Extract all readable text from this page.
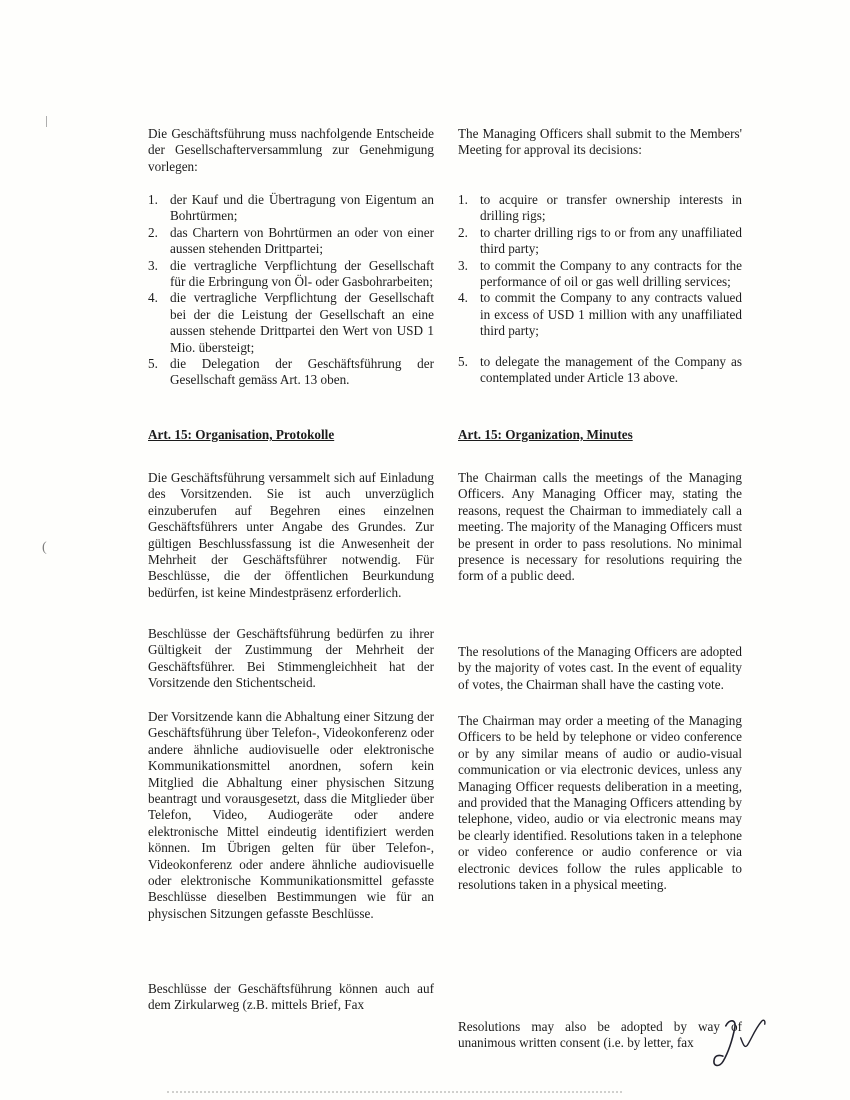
Die Geschäftsführung muss nachfolgende Entscheide der Gesellschafterversammlung zur Genehmigung vorlegen:

1. der Kauf und die Übertragung von Eigentum an Bohrtürmen;
2. das Chartern von Bohrtürmen an oder von einer aussen stehenden Drittpartei;
3. die vertragliche Verpflichtung der Gesellschaft für die Erbringung von Öl- oder Gasbohrarbeiten;
4. die vertragliche Verpflichtung der Gesellschaft bei der die Leistung der Gesellschaft an eine aussen stehende Drittpartei den Wert von USD 1 Mio. übersteigt;
5. die Delegation der Geschäftsführung der Gesellschaft gemäss Art. 13 oben.
Art. 15: Organisation, Protokolle

Die Geschäftsführung versammelt sich auf Einladung des Vorsitzenden. Sie ist auch unverzüglich einzuberufen auf Begehren eines einzelnen Geschäftsführers unter Angabe des Grundes. Zur gültigen Beschlussfassung ist die Anwesenheit der Mehrheit der Geschäftsführer notwendig. Für Beschlüsse, die der öffentlichen Beurkundung bedürfen, ist keine Mindestpräsenz erforderlich.

Beschlüsse der Geschäftsführung bedürfen zu ihrer Gültigkeit der Zustimmung der Mehrheit der Geschäftsführer. Bei Stimmengleichheit hat der Vorsitzende den Stichentscheid.

Der Vorsitzende kann die Abhaltung einer Sitzung der Geschäftsführung über Telefon-, Videokonferenz oder andere ähnliche audiovisuelle oder elektronische Kommunikationsmittel anordnen, sofern kein Mitglied die Abhaltung einer physischen Sitzung beantragt und vorausgesetzt, dass die Mitglieder über Telefon, Video, Audiogeräte oder andere elektronische Mittel eindeutig identifiziert werden können. Im Übrigen gelten für über Telefon-, Videokonferenz oder andere ähnliche audiovisuelle oder elektronische Kommunikationsmittel gefasste Beschlüsse dieselben Bestimmungen wie für an physischen Sitzungen gefasste Beschlüsse.

Beschlüsse der Geschäftsführung können auch auf dem Zirkularweg (z.B. mittels Brief, Fax

The Managing Officers shall submit to the Members' Meeting for approval its decisions:

1. to acquire or transfer ownership interests in drilling rigs;
2. to charter drilling rigs to or from any unaffiliated third party;
3. to commit the Company to any contracts for the performance of oil or gas well drilling services;
4. to commit the Company to any contracts valued in excess of USD 1 million with any unaffiliated third party;
5. to delegate the management of the Company as contemplated under Article 13 above.
Art. 15: Organization, Minutes

The Chairman calls the meetings of the Managing Officers. Any Managing Officer may, stating the reasons, request the Chairman to immediately call a meeting. The majority of the Managing Officers must be present in order to pass resolutions. No minimal presence is necessary for resolutions requiring the form of a public deed.

The resolutions of the Managing Officers are adopted by the majority of votes cast. In the event of equality of votes, the Chairman shall have the casting vote.

The Chairman may order a meeting of the Managing Officers to be held by telephone or video conference or by any similar means of audio or audio-visual communication or via electronic devices, unless any Managing Officer requests deliberation in a meeting, and provided that the Managing Officers attending by telephone, video, audio or via electronic means may be clearly identified. Resolutions taken in a telephone or video conference or audio conference or via electronic devices follow the rules applicable to resolutions taken in a physical meeting.

Resolutions may also be adopted by way of unanimous written consent (i.e. by letter, fax

(
